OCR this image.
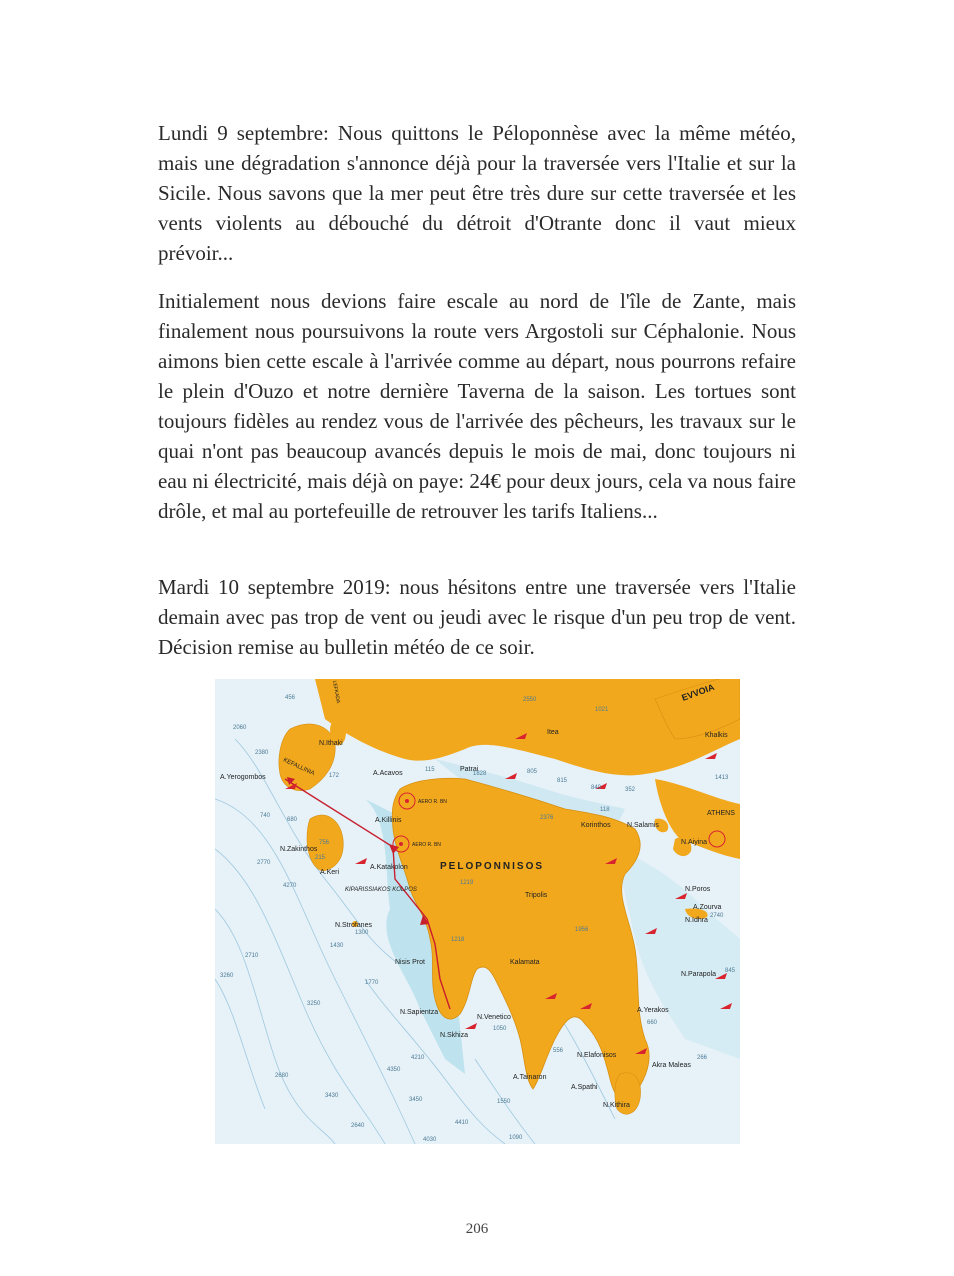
Lundi 9 septembre: Nous quittons le Péloponnèse avec la même météo, mais une dégradation s'annonce déjà pour la traversée vers l'Italie et sur la Sicile. Nous savons que la mer peut être très dure sur cette traversée et les vents violents au débouché du détroit d'Otrante donc il vaut mieux prévoir...

Initialement nous devions faire escale au nord de l'île de Zante, mais finalement nous poursuivons la route vers Argostoli sur Céphalonie. Nous aimons bien cette escale à l'arrivée comme au départ, nous pourrons refaire le plein d'Ouzo et notre dernière Taverna de la saison. Les tortues sont toujours fidèles au rendez vous de l'arrivée des pêcheurs, les travaux sur le quai n'ont pas beaucoup avancés depuis le mois de mai, donc toujours ni eau ni électricité, mais déjà on paye: 24€ pour deux jours, cela va nous faire drôle, et mal au portefeuille de retrouver les tarifs Italiens...

Mardi 10 septembre 2019: nous hésitons entre une traversée vers l'Italie demain avec pas trop de vent ou jeudi avec le risque d'un peu trop de vent. Décision remise au bulletin météo de ce soir.

PELOPONNISOS
EVVOIA
KEFALLINIA
LEFKADA
KIPARISSIAKOS KOLPOS
Patrai
Itea
Korinthos
Tripolis
Kalamata
ATHENS
Khalkis
N.Zakinthos
N.Ithaki
A.Yerogombos
A.Keri
A.Katakolon
A.Killinis
A.Acavos
N.Strofanes
Nisis Prot
N.Sapientza
N.Venetico
N.Skhiza
A.Tainaron
N.Elafonisos
Akra Maleas
N.Kithira
N.Salamis
N.Aiyina
N.Poros
N.Idhra
N.Parapola
A.Zourva
A.Spathi
A.Yerakos
AERO R. BN
AERO R. BN
456
2060
2380
2550
1021
1828	805
815
840	352
118
2376
1413
740
680
756
215
2770
4270	1219
1300
1430
2710
3260
3250
1770
1050
4210
4350
2680
3430
3450	1550
4410
2640
4030	1090
1218
1956
845
660
2740
266
556
115
172
206
